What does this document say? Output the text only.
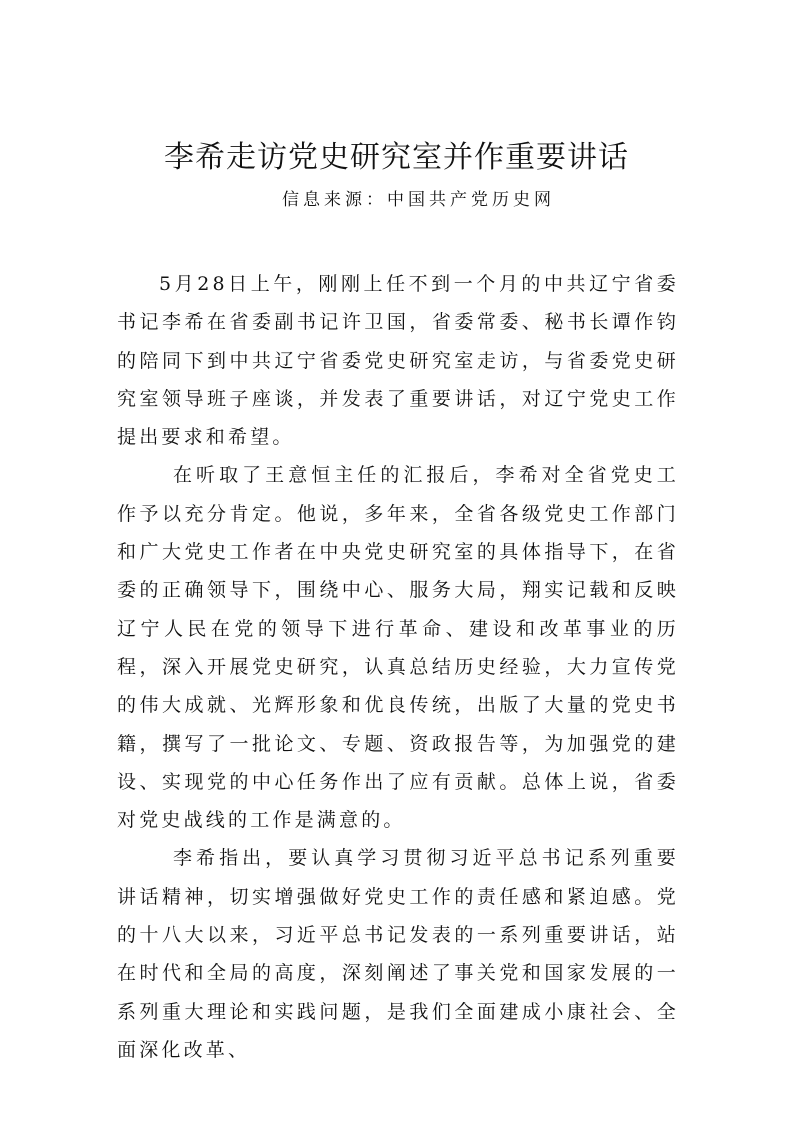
李希走访党史研究室并作重要讲话
信息来源：中国共产党历史网

5月28日上午，刚刚上任不到一个月的中共辽宁省委书记李希在省委副书记许卫国，省委常委、秘书长谭作钧的陪同下到中共辽宁省委党史研究室走访，与省委党史研究室领导班子座谈，并发表了重要讲话，对辽宁党史工作提出要求和希望。

在听取了王意恒主任的汇报后，李希对全省党史工作予以充分肯定。他说，多年来，全省各级党史工作部门和广大党史工作者在中央党史研究室的具体指导下，在省委的正确领导下，围绕中心、服务大局，翔实记载和反映辽宁人民在党的领导下进行革命、建设和改革事业的历程，深入开展党史研究，认真总结历史经验，大力宣传党的伟大成就、光辉形象和优良传统，出版了大量的党史书籍，撰写了一批论文、专题、资政报告等，为加强党的建设、实现党的中心任务作出了应有贡献。总体上说，省委对党史战线的工作是满意的。

李希指出，要认真学习贯彻习近平总书记系列重要讲话精神，切实增强做好党史工作的责任感和紧迫感。党的十八大以来，习近平总书记发表的一系列重要讲话，站在时代和全局的高度，深刻阐述了事关党和国家发展的一系列重大理论和实践问题，是我们全面建成小康社会、全面深化改革、
